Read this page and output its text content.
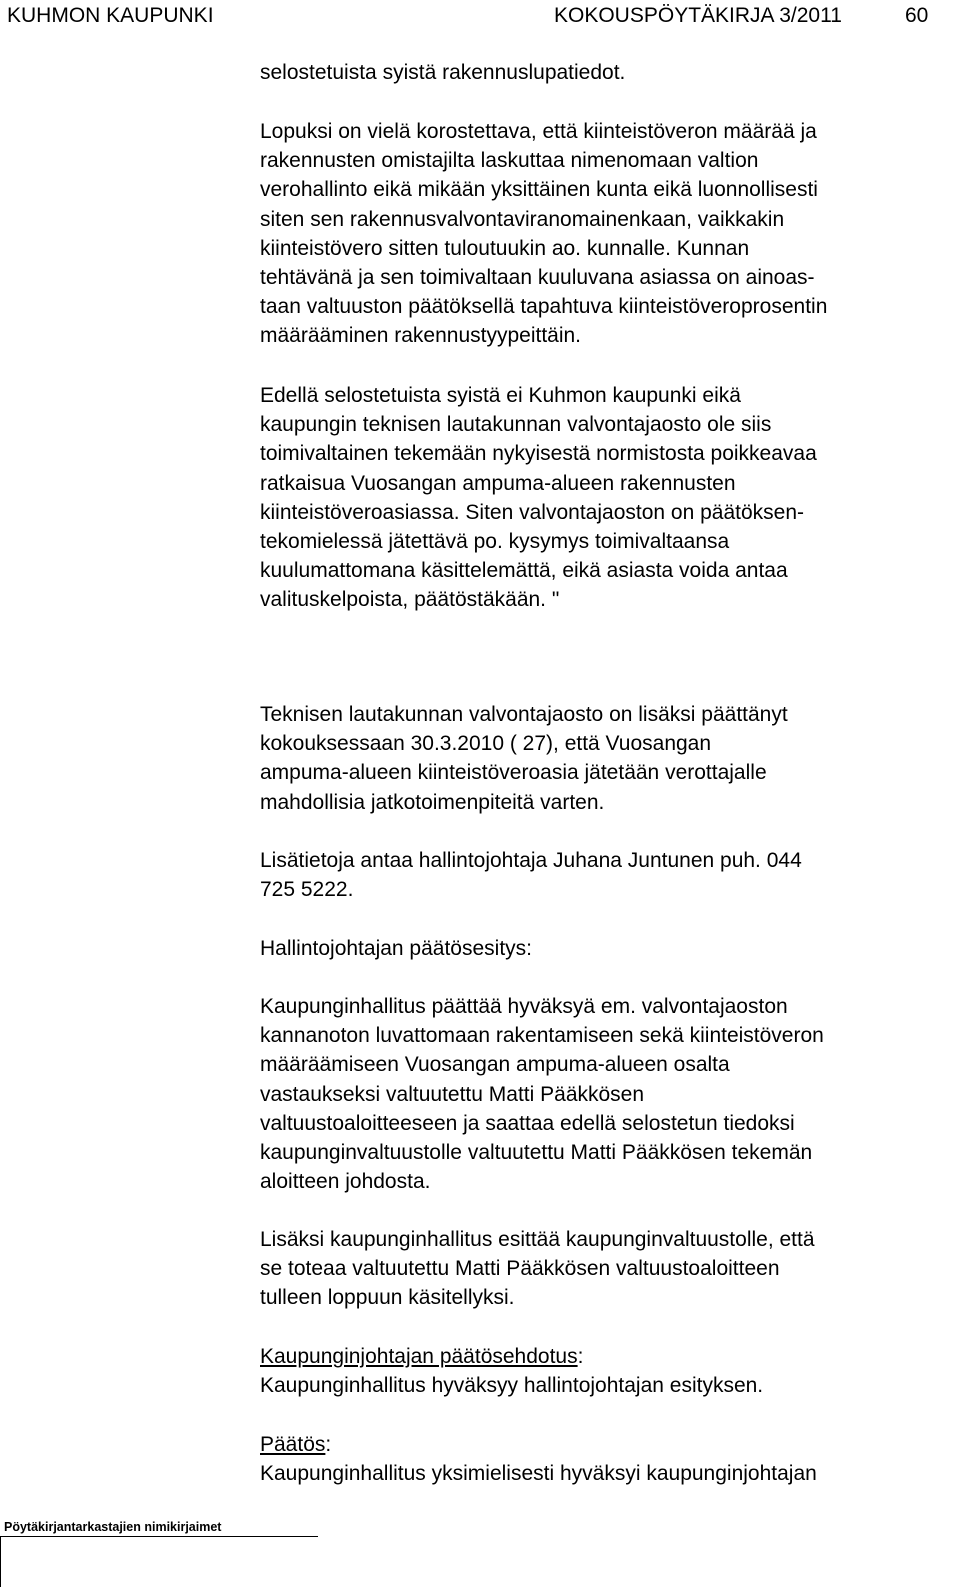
KUHMON KAUPUNKI	KOKOUSPÖYTÄKIRJA 3/2011	60

selostetuista syistä rakennuslupatiedot.

Lopuksi on vielä korostettava, että kiinteistöveron määrää ja
rakennusten omistajilta laskuttaa nimenomaan valtion
verohallinto eikä mikään yksittäinen kunta eikä luonnollisesti
siten sen rakennusvalvontaviranomainenkaan, vaikkakin
kiinteistövero sitten tuloutuukin ao. kunnalle. Kunnan
tehtävänä ja sen toimivaltaan kuuluvana asiassa on ainoas-
taan valtuuston päätöksellä tapahtuva kiinteistöveroprosentin
määrääminen rakennustyypeittäin.

Edellä selostetuista syistä ei Kuhmon kaupunki eikä
kaupungin teknisen lautakunnan valvontajaosto ole siis
toimivaltainen tekemään nykyisestä normistosta poikkeavaa
ratkaisua Vuosangan ampuma-alueen rakennusten
kiinteistöveroasiassa. Siten valvontajaoston on päätöksen-
tekomielessä jätettävä po. kysymys toimivaltaansa
kuulumattomana käsittelemättä, eikä asiasta voida antaa
valituskelpoista, päätöstäkään. "

Teknisen lautakunnan valvontajaosto on lisäksi päättänyt
kokouksessaan 30.3.2010 ( 27), että Vuosangan
ampuma-alueen kiinteistöveroasia jätetään verottajalle
mahdollisia jatkotoimenpiteitä varten.

Lisätietoja antaa hallintojohtaja Juhana Juntunen puh. 044
725 5222.

Hallintojohtajan päätösesitys:

Kaupunginhallitus päättää hyväksyä em. valvontajaoston
kannanoton luvattomaan rakentamiseen sekä kiinteistöveron
määräämiseen Vuosangan ampuma-alueen osalta
vastaukseksi valtuutettu Matti Pääkkösen
valtuustoaloitteeseen ja saattaa edellä selostetun tiedoksi
kaupunginvaltuustolle valtuutettu Matti Pääkkösen tekemän
aloitteen johdosta.

Lisäksi kaupunginhallitus esittää kaupunginvaltuustolle, että
se toteaa valtuutettu Matti Pääkkösen valtuustoaloitteen
tulleen loppuun käsitellyksi.

Kaupunginjohtajan päätösehdotus:

Kaupunginhallitus hyväksyy hallintojohtajan esityksen.

Päätös:

Kaupunginhallitus yksimielisesti hyväksyi kaupunginjohtajan

Pöytäkirjantarkastajien nimikirjaimet
